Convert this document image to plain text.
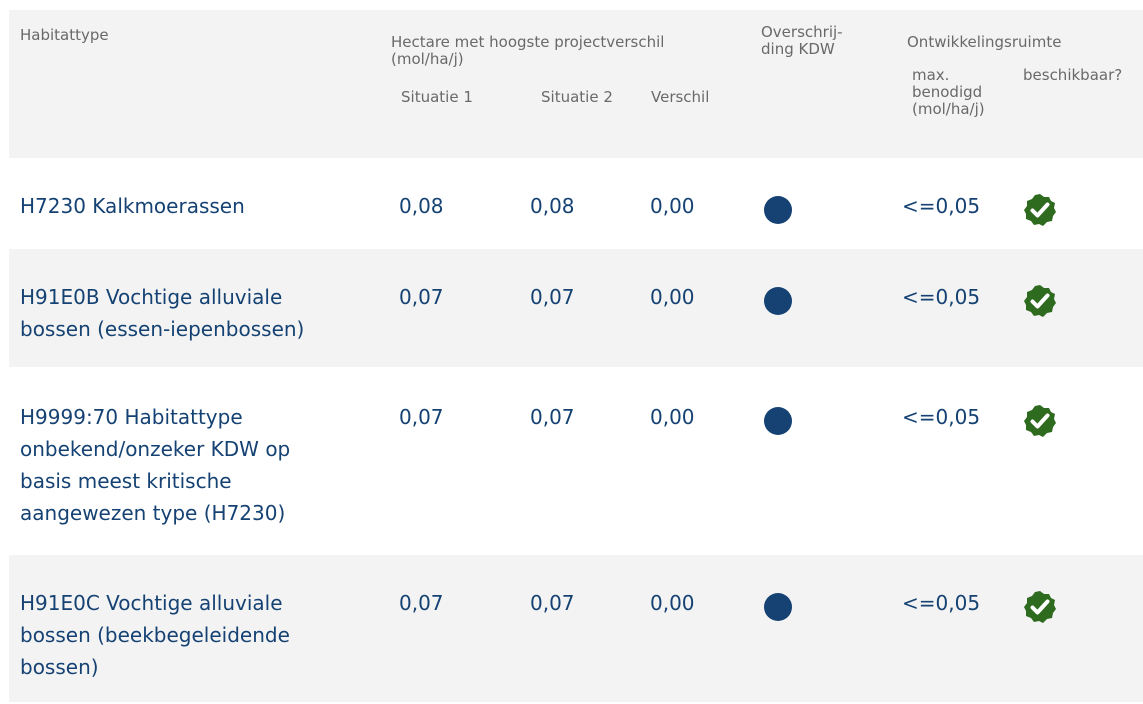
Habitattype	Hectare met hoogste projectverschil
(mol/ha/j)
Situatie 1	Situatie 2	Verschil
Overschrij-
ding KDW	Ontwikkelingsruimte
max.
benodigd
(mol/ha/j)
beschikbaar?
H7230 Kalkmoerassen	0,08	0,08	0,00	<=0,05
H91E0B Vochtige alluviale
bossen (essen-iepenbossen)
0,07	0,07	0,00	<=0,05
H9999:70 Habitattype
onbekend/onzeker KDW op
basis meest kritische
aangewezen type (H7230)
0,07	0,07	0,00	<=0,05
H91E0C Vochtige alluviale
bossen (beekbegeleidende
bossen)
0,07	0,07	0,00	<=0,05
